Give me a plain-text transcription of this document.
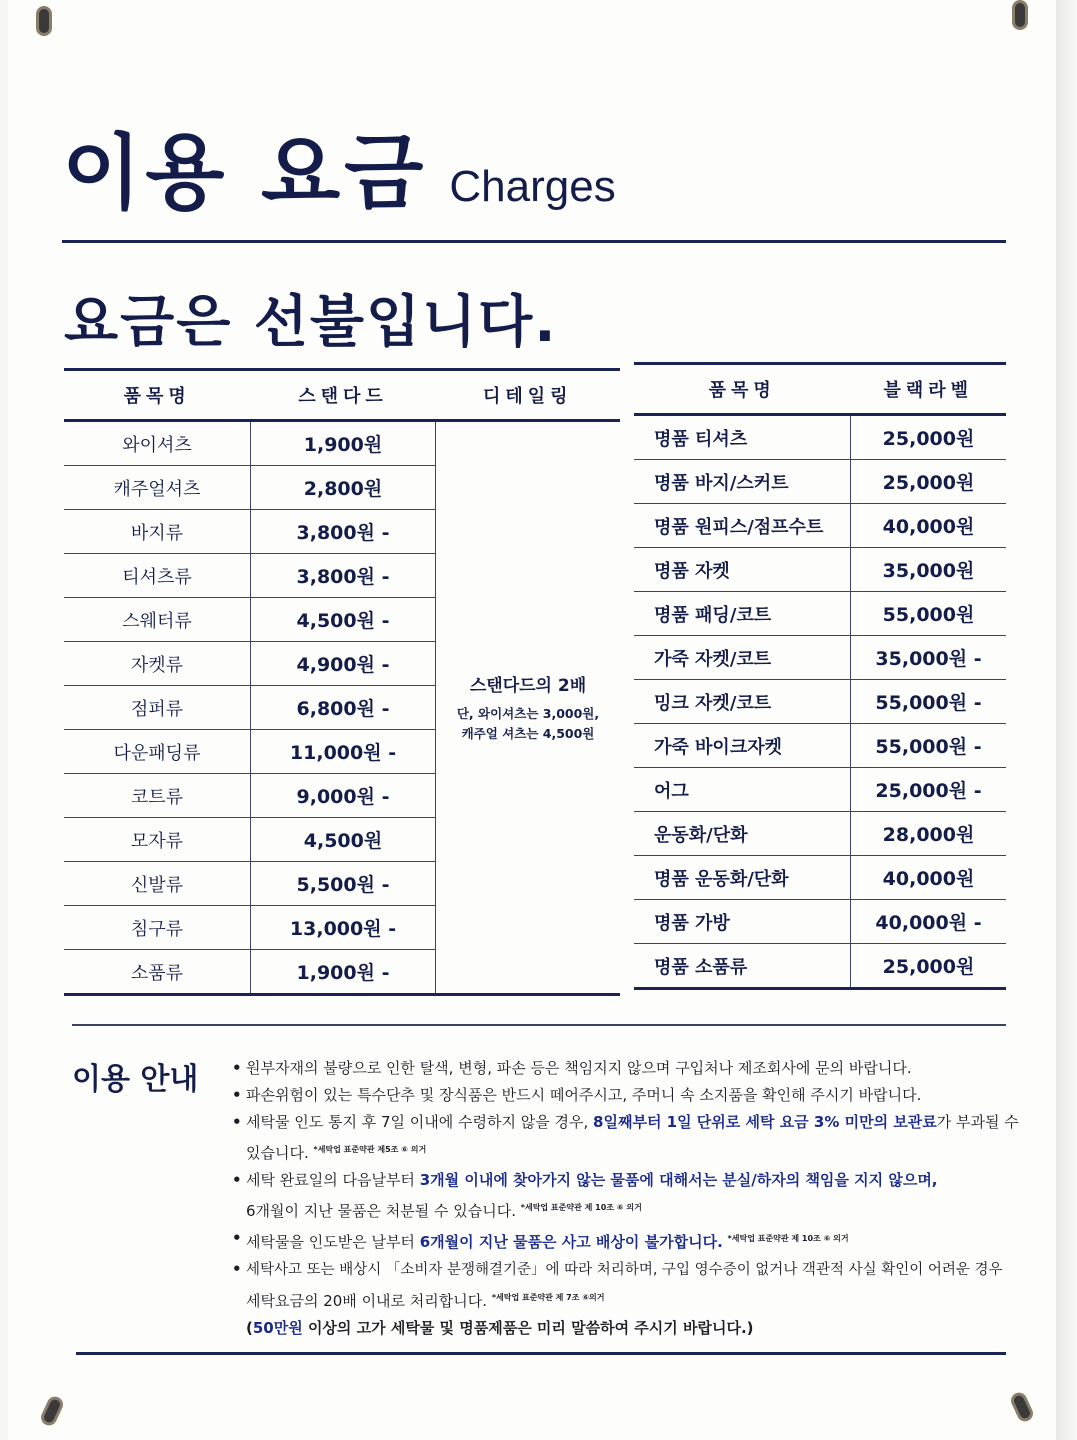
이용 요금 Charges
요금은 선불입니다.
품목명	스탠다드	디테일링
와이셔츠	1,900원	스탠다드의 2배
단, 와이셔츠는 3,000원,
캐주얼 셔츠는 4,500원

캐주얼셔츠	2,800원	
바지류	3,800원 -	
티셔츠류	3,800원 -	
스웨터류	4,500원 -	
자켓류	4,900원 -	
점퍼류	6,800원 -	
다운패딩류	11,000원 -	
코트류	9,000원 -	
모자류	4,500원	
신발류	5,500원 -	
침구류	13,000원 -	
소품류	1,900원 -	
품목명	블랙라벨
명품 티셔츠	25,000원
명품 바지/스커트	25,000원
명품 원피스/점프수트	40,000원
명품 자켓	35,000원
명품 패딩/코트	55,000원
가죽 자켓/코트	35,000원 -
밍크 자켓/코트	55,000원 -
가죽 바이크자켓	55,000원 -
어그	25,000원 -
운동화/단화	28,000원
명품 운동화/단화	40,000원
명품 가방	40,000원 -
명품 소품류	25,000원
이용 안내	• 원부자재의 불량으로 인한 탈색, 변형, 파손 등은 책임지지 않으며 구입처나 제조회사에 문의 바랍니다.
• 파손위험이 있는 특수단추 및 장식품은 반드시 떼어주시고, 주머니 속 소지품을 확인해 주시기 바랍니다.
• 세탁물 인도 통지 후 7일 이내에 수령하지 않을 경우, 8일째부터 1일 단위로 세탁 요금 3% 미만의 보관료가 부과될 수
있습니다. $^{*세탁업 표준약관 제5조 ⑥ 의거}$
• 세탁 완료일의 다음날부터 3개월 이내에 찾아가지 않는 물품에 대해서는 분실/하자의 책임을 지지 않으며,
6개월이 지난 물품은 처분될 수 있습니다. $^{*세탁업 표준약관 제 10조 ⑥ 의거}$
• 세탁물을 인도받은 날부터 6개월이 지난 물품은 사고 배상이 불가합니다. $^{*세탁업 표준약관 제 10조 ⑥ 의거}$
• 세탁사고 또는 배상시 「소비자 분쟁해결기준」에 따라 처리하며, 구입 영수증이 없거나 객관적 사실 확인이 어려운 경우
세탁요금의 20배 이내로 처리합니다. $^{*세탁업 표준약관 제 7조 ⑥의거}$
(50만원 이상의 고가 세탁물 및 명품제품은 미리 말씀하여 주시기 바랍니다.)
